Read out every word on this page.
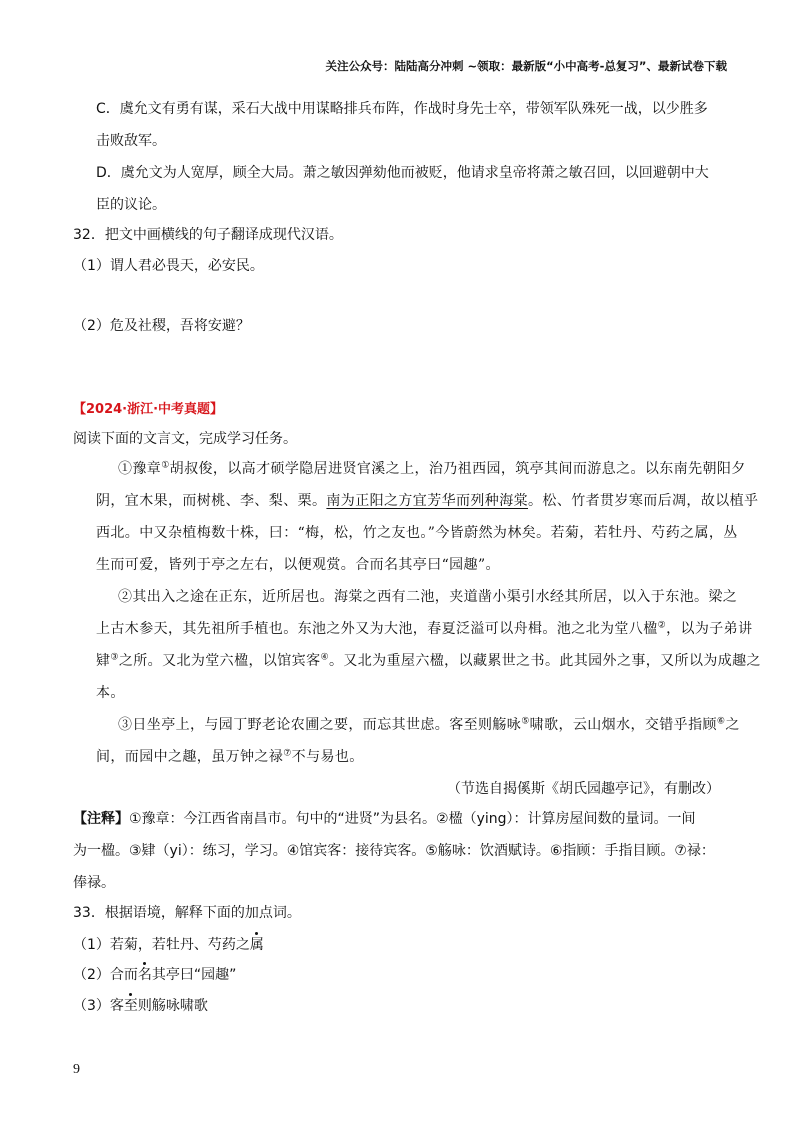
关注公众号：陆陆高分冲刺 ~领取：最新版“小中高考-总复习”、最新试卷下载
C．虞允文有勇有谋，采石大战中用谋略排兵布阵，作战时身先士卒，带领军队殊死一战，以少胜多
击败敌军。
D．虞允文为人宽厚，顾全大局。萧之敏因弹劾他而被贬，他请求皇帝将萧之敏召回，以回避朝中大
臣的议论。
32．把文中画横线的句子翻译成现代汉语。
（1）谓人君必畏天，必安民。
（2）危及社稷，吾将安避？
【2024·浙江·中考真题】
阅读下面的文言文，完成学习任务。
①豫章①胡叔俊，以高才硕学隐居进贤官溪之上，治乃祖西园，筑亭其间而游息之。以东南先朝阳夕
阴，宜木果，而树桃、李、梨、栗。南为正阳之方宜芳华而列种海棠。松、竹者贯岁寒而后凋，故以植乎
西北。中又杂植梅数十株，曰：“梅，松，竹之友也。”今皆蔚然为林矣。若菊，若牡丹、芍药之属，丛
生而可爱，皆列于亭之左右，以便观赏。合而名其亭曰“园趣”。
②其出入之途在正东，近所居也。海棠之西有二池，夹道凿小渠引水经其所居，以入于东池。梁之
上古木参天，其先祖所手植也。东池之外又为大池，春夏泛溢可以舟楫。池之北为堂八楹②，以为子弟讲
肄③之所。又北为堂六楹，以馆宾客④。又北为重屋六楹，以藏累世之书。此其园外之事，又所以为成趣之
本。
③日坐亭上，与园丁野老论农圃之要，而忘其世虑。客至则觞咏⑤啸歌，云山烟水，交错乎指顾⑥之
间，而园中之趣，虽万钟之禄⑦不与易也。
（节选自揭傒斯《胡氏园趣亭记》，有删改）
【注释】①豫章：今江西省南昌市。句中的“进贤”为县名。②楹（ying）：计算房屋间数的量词。一间
为一楹。③肄（yi）：练习，学习。④馆宾客：接待宾客。⑤觞咏：饮酒赋诗。⑥指顾：手指目顾。⑦禄：
俸禄。
33．根据语境，解释下面的加点词。
（1）若菊，若牡丹、芍药之属
（2）合而名其亭曰“园趣”
（3）客至则觞咏啸歌
9
